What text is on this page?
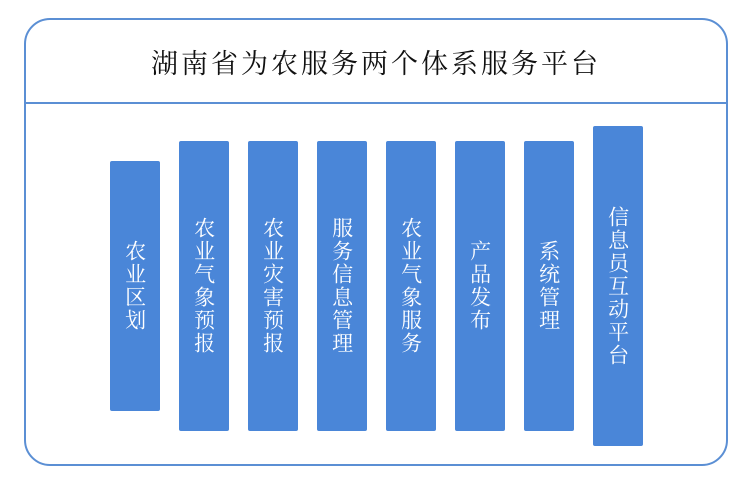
湖南省为农服务两个体系服务平台
农业区划 农业气象预报 农业灾害预报 服务信息管理 农业气象服务 产品发布 系统管理 信息员互动平台
